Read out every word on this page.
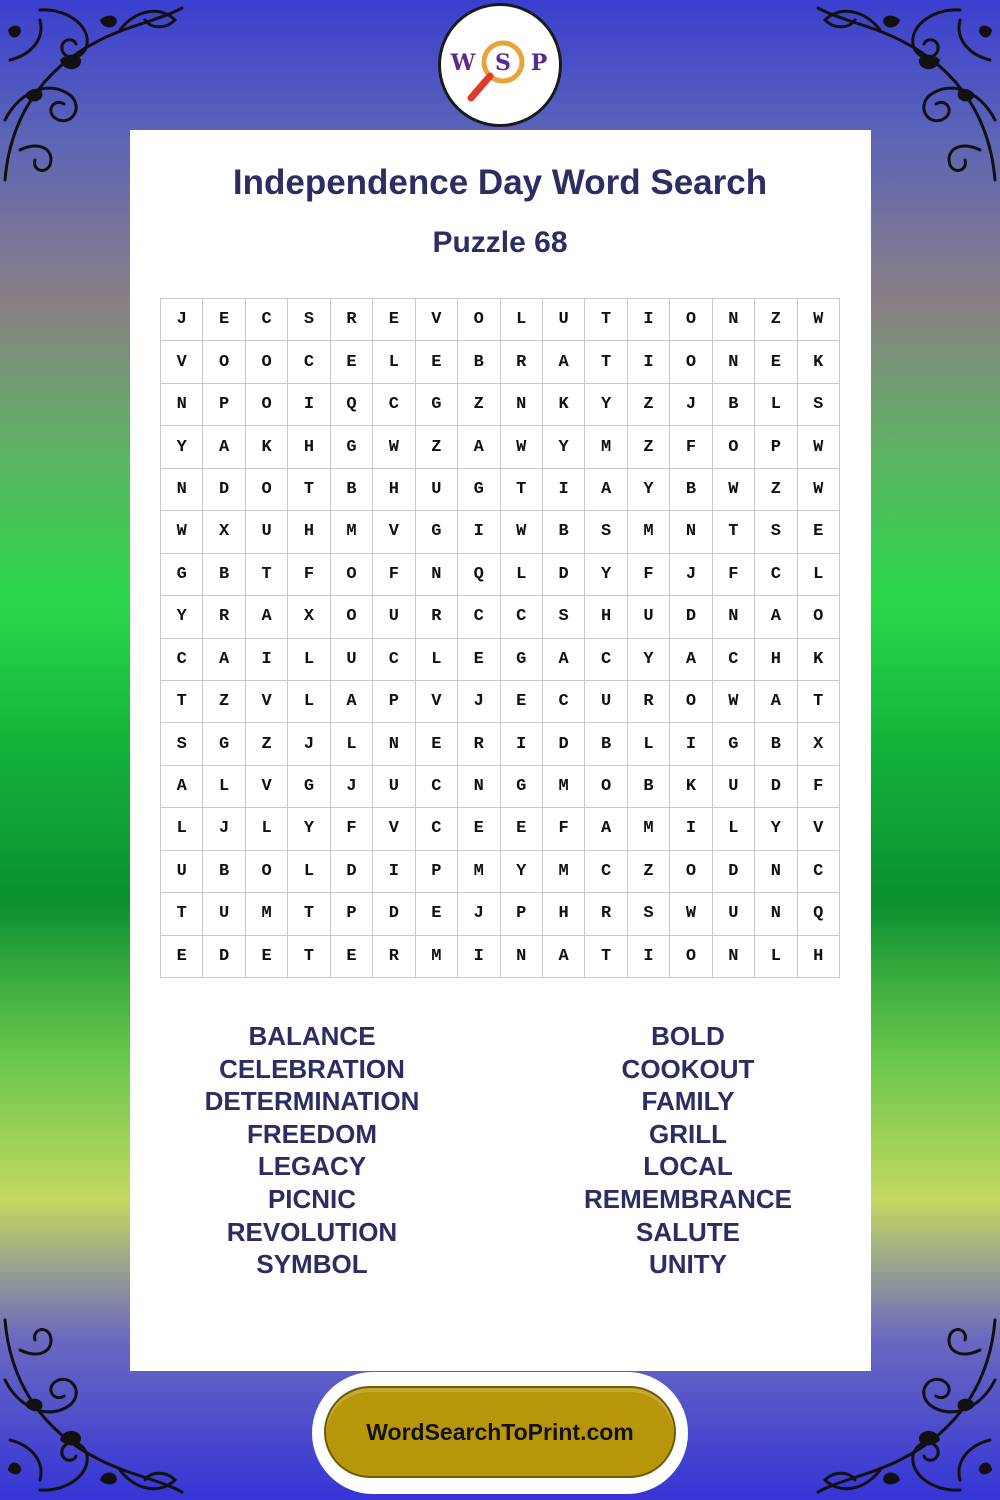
W S P
Independence Day Word Search
Puzzle 68
J	E	C	S	R	E	V	O	L	U	T	I	O	N	Z	W
V	O	O	C	E	L	E	B	R	A	T	I	O	N	E	K
N	P	O	I	Q	C	G	Z	N	K	Y	Z	J	B	L	S
Y	A	K	H	G	W	Z	A	W	Y	M	Z	F	O	P	W
N	D	O	T	B	H	U	G	T	I	A	Y	B	W	Z	W
W	X	U	H	M	V	G	I	W	B	S	M	N	T	S	E
G	B	T	F	O	F	N	Q	L	D	Y	F	J	F	C	L
Y	R	A	X	O	U	R	C	C	S	H	U	D	N	A	O
C	A	I	L	U	C	L	E	G	A	C	Y	A	C	H	K
T	Z	V	L	A	P	V	J	E	C	U	R	O	W	A	T
S	G	Z	J	L	N	E	R	I	D	B	L	I	G	B	X
A	L	V	G	J	U	C	N	G	M	O	B	K	U	D	F
L	J	L	Y	F	V	C	E	E	F	A	M	I	L	Y	V
U	B	O	L	D	I	P	M	Y	M	C	Z	O	D	N	C
T	U	M	T	P	D	E	J	P	H	R	S	W	U	N	Q
E	D	E	T	E	R	M	I	N	A	T	I	O	N	L	H
BALANCE
CELEBRATION
DETERMINATION
FREEDOM
LEGACY
PICNIC
REVOLUTION
SYMBOL
BOLD
COOKOUT
FAMILY
GRILL
LOCAL
REMEMBRANCE
SALUTE
UNITY
WordSearchToPrint.com
